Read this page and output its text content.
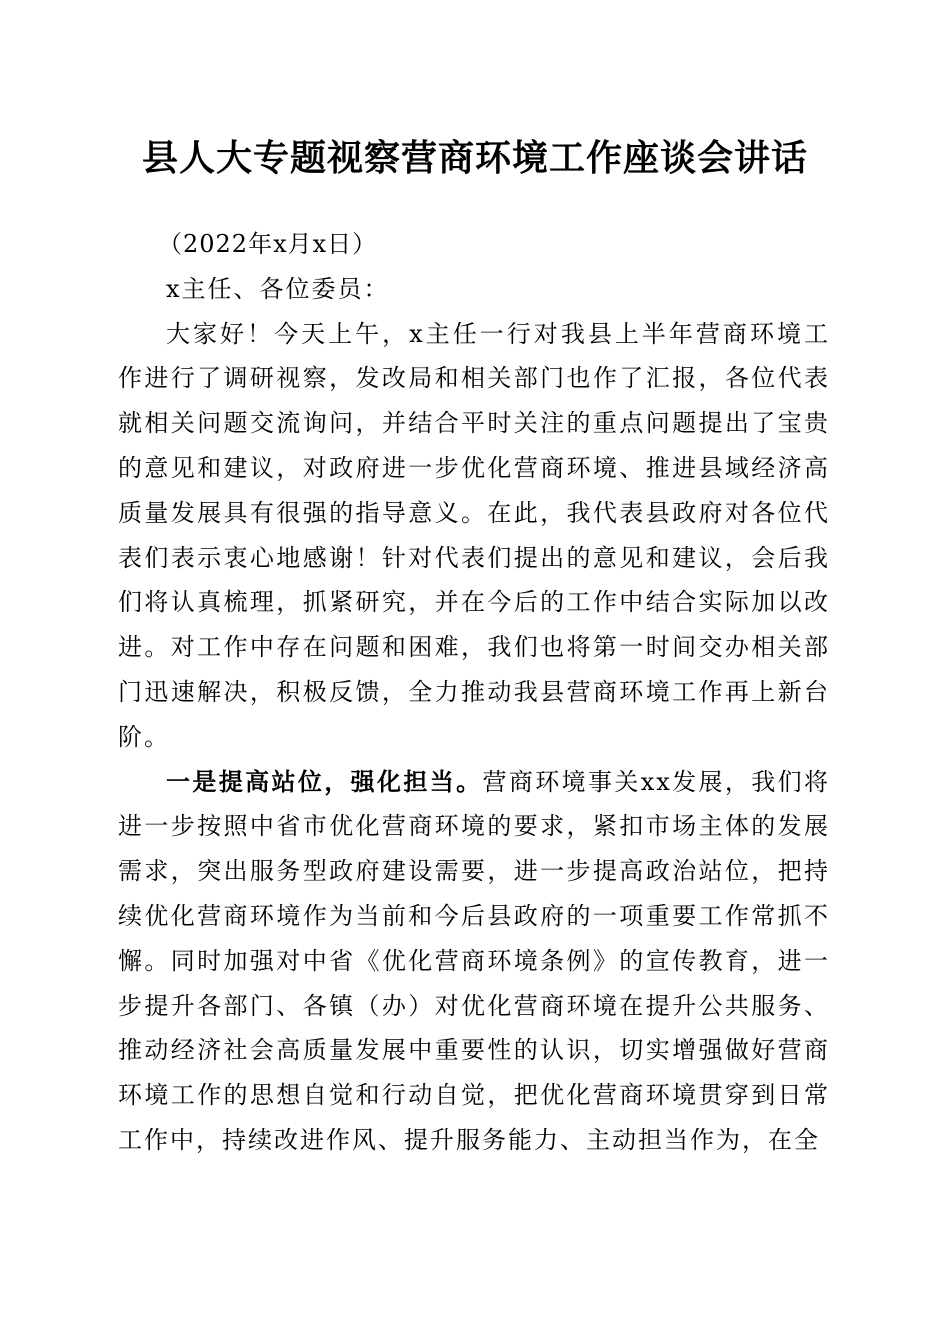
县人大专题视察营商环境工作座谈会讲话

（2022年x月x日）

x主任、各位委员：

大家好！今天上午，x主任一行对我县上半年营商环境工作进行了调研视察，发改局和相关部门也作了汇报，各位代表就相关问题交流询问，并结合平时关注的重点问题提出了宝贵的意见和建议，对政府进一步优化营商环境、推进县域经济高质量发展具有很强的指导意义。在此，我代表县政府对各位代表们表示衷心地感谢！针对代表们提出的意见和建议，会后我们将认真梳理，抓紧研究，并在今后的工作中结合实际加以改进。对工作中存在问题和困难，我们也将第一时间交办相关部门迅速解决，积极反馈，全力推动我县营商环境工作再上新台阶。

一是提高站位，强化担当。营商环境事关xx发展，我们将进一步按照中省市优化营商环境的要求，紧扣市场主体的发展需求，突出服务型政府建设需要，进一步提高政治站位，把持续优化营商环境作为当前和今后县政府的一项重要工作常抓不懈。同时加强对中省《优化营商环境条例》的宣传教育，进一步提升各部门、各镇（办）对优化营商环境在提升公共服务、推动经济社会高质量发展中重要性的认识，切实增强做好营商环境工作的思想自觉和行动自觉，把优化营商环境贯穿到日常工作中，持续改进作风、提升服务能力、主动担当作为，在全
